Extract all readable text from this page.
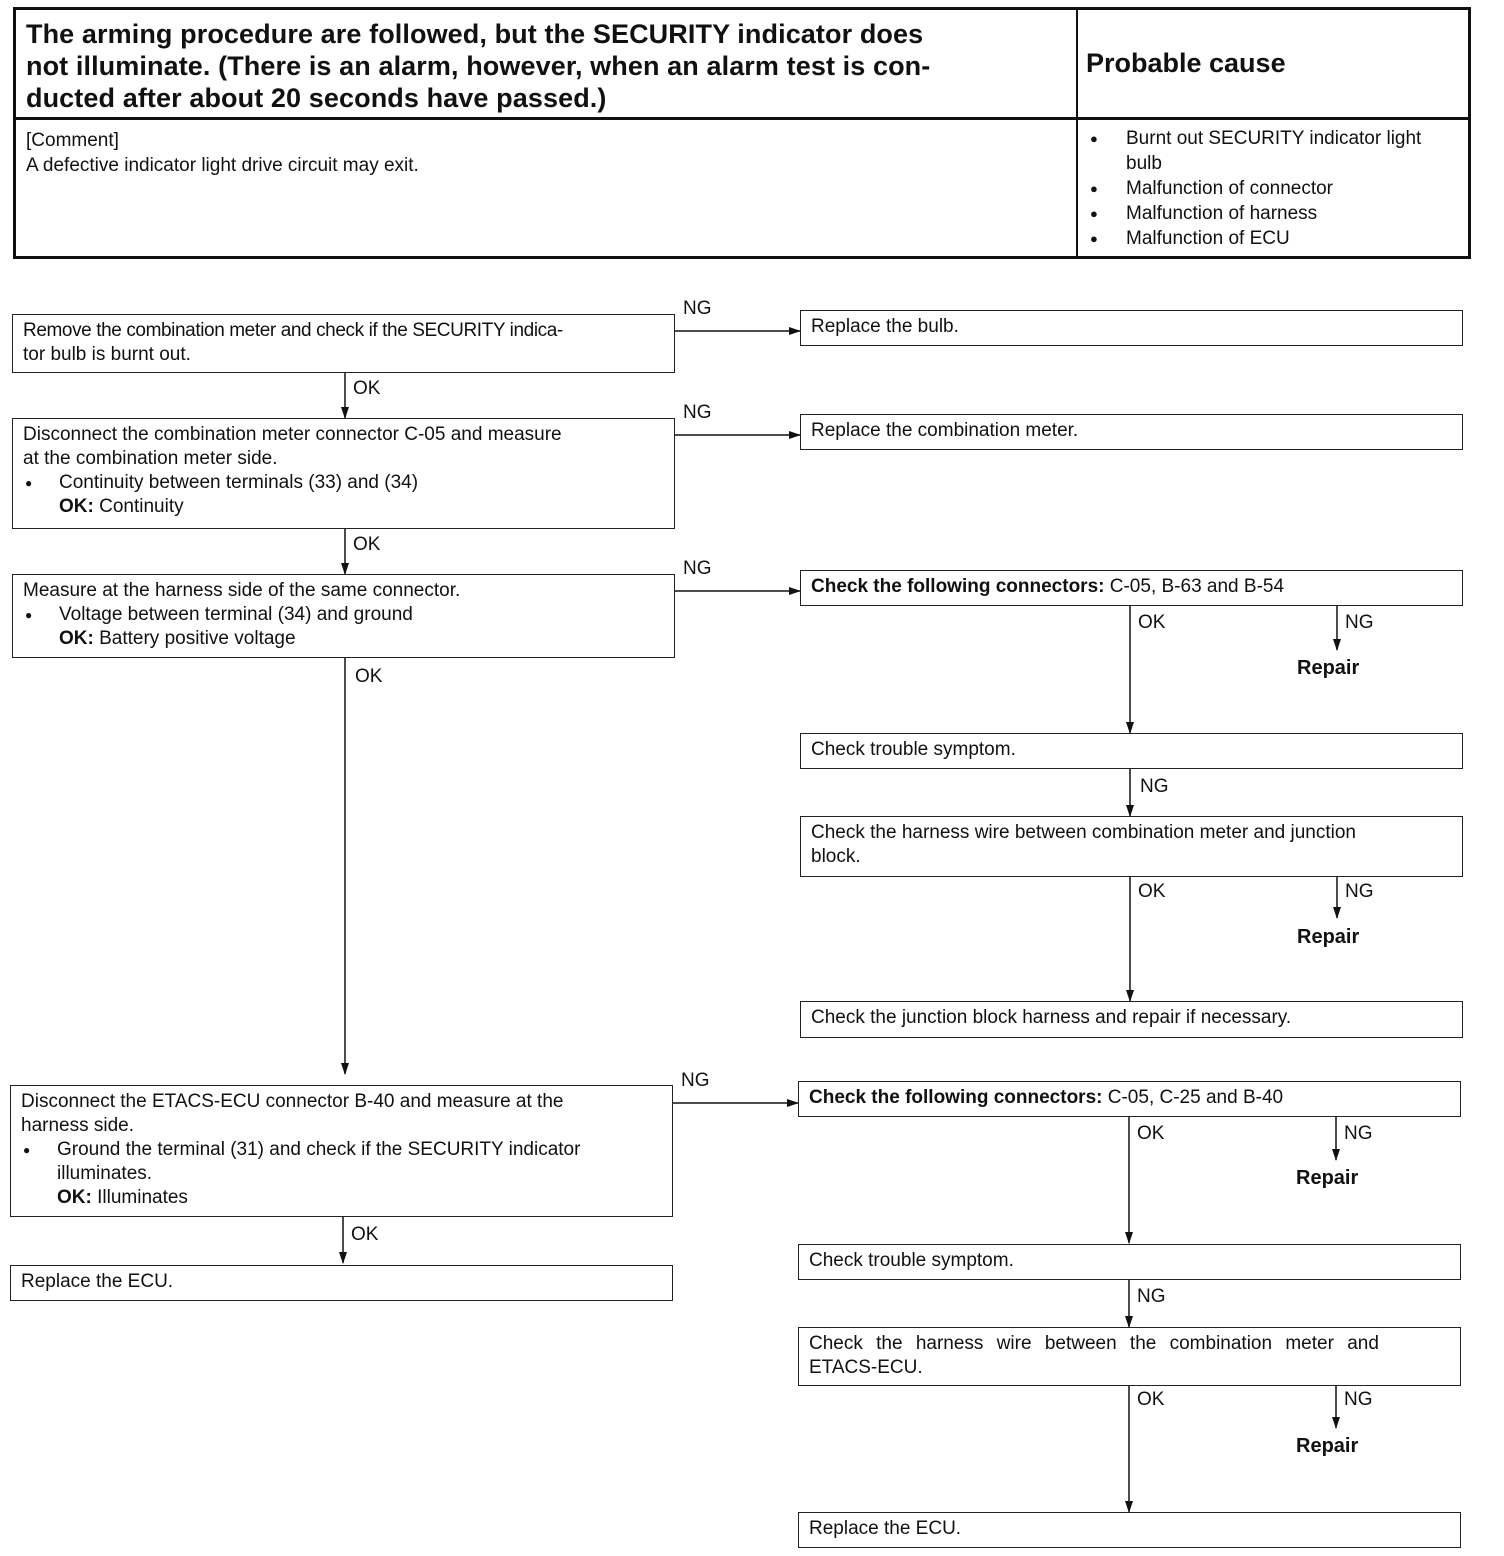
The arming procedure are followed, but the SECURITY indicator does
not illuminate. (There is an alarm, however, when an alarm test is con-
ducted after about 20 seconds have passed.)
Probable cause
[Comment]
A defective indicator light drive circuit may exit.
● Burnt out SECURITY indicator light bulb
● Malfunction of connector
● Malfunction of harness
● Malfunction of ECU
Remove the combination meter and check if the SECURITY indica-
tor bulb is burnt out.
NG
Replace the bulb.
OK
Disconnect the combination meter connector C-05 and measure
at the combination meter side.
● Continuity between terminals (33) and (34)
OK: Continuity
NG
Replace the combination meter.
OK
Measure at the harness side of the same connector.
● Voltage between terminal (34) and ground
OK: Battery positive voltage
NG
OK
Check the following connectors: C-05, B-63 and B-54
OK	NG
Repair
Check trouble symptom.
NG
Check the harness wire between combination meter and junction
block.
OK	NG
Repair
Check the junction block harness and repair if necessary.
Disconnect the ETACS-ECU connector B-40 and measure at the
harness side.
● Ground the terminal (31) and check if the SECURITY indicator
illuminates.
OK: Illuminates
NG
OK
Replace the ECU.
Check the following connectors: C-05, C-25 and B-40
OK	NG
Repair
Check trouble symptom.
NG
Check the harness wire between the combination meter and
ETACS-ECU.
OK	NG
Repair
Replace the ECU.
